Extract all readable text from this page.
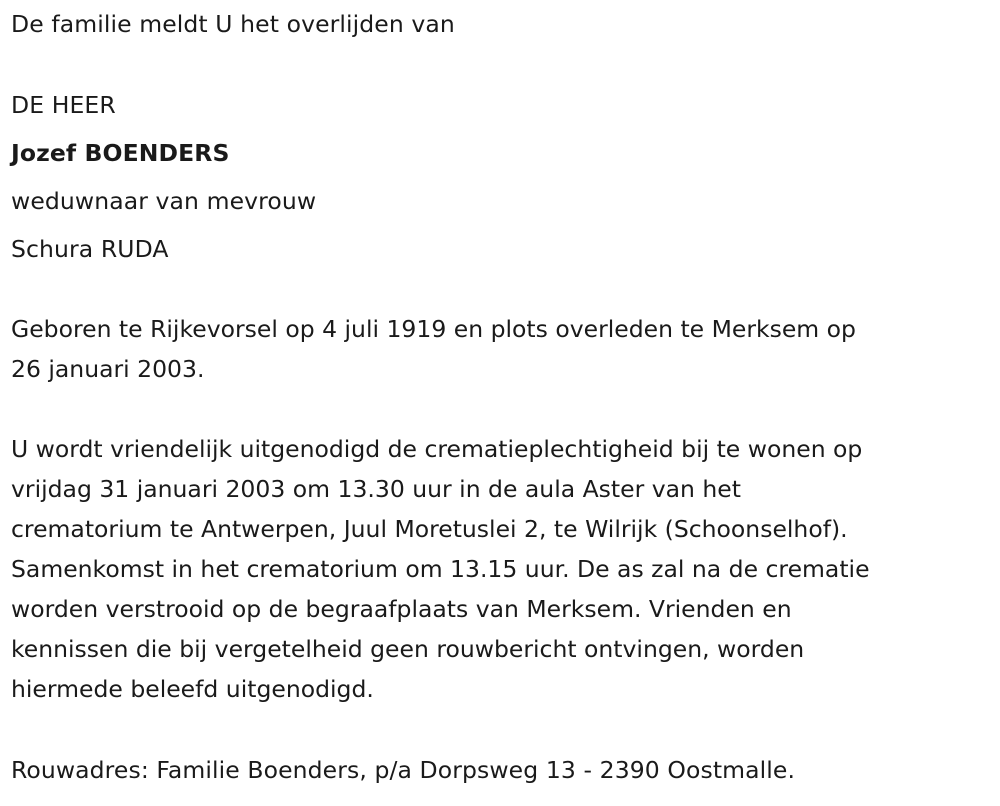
De familie meldt U het overlijden van
DE HEER
Jozef BOENDERS
weduwnaar van mevrouw
Schura RUDA
Geboren te Rijkevorsel op 4 juli 1919 en plots overleden te Merksem op
26 januari 2003.
U wordt vriendelijk uitgenodigd de crematieplechtigheid bij te wonen op
vrijdag 31 januari 2003 om 13.30 uur in de aula Aster van het
crematorium te Antwerpen, Juul Moretuslei 2, te Wilrijk (Schoonselhof).
Samenkomst in het crematorium om 13.15 uur. De as zal na de crematie
worden verstrooid op de begraafplaats van Merksem. Vrienden en
kennissen die bij vergetelheid geen rouwbericht ontvingen, worden
hiermede beleefd uitgenodigd.
Rouwadres: Familie Boenders, p/a Dorpsweg 13 - 2390 Oostmalle.
